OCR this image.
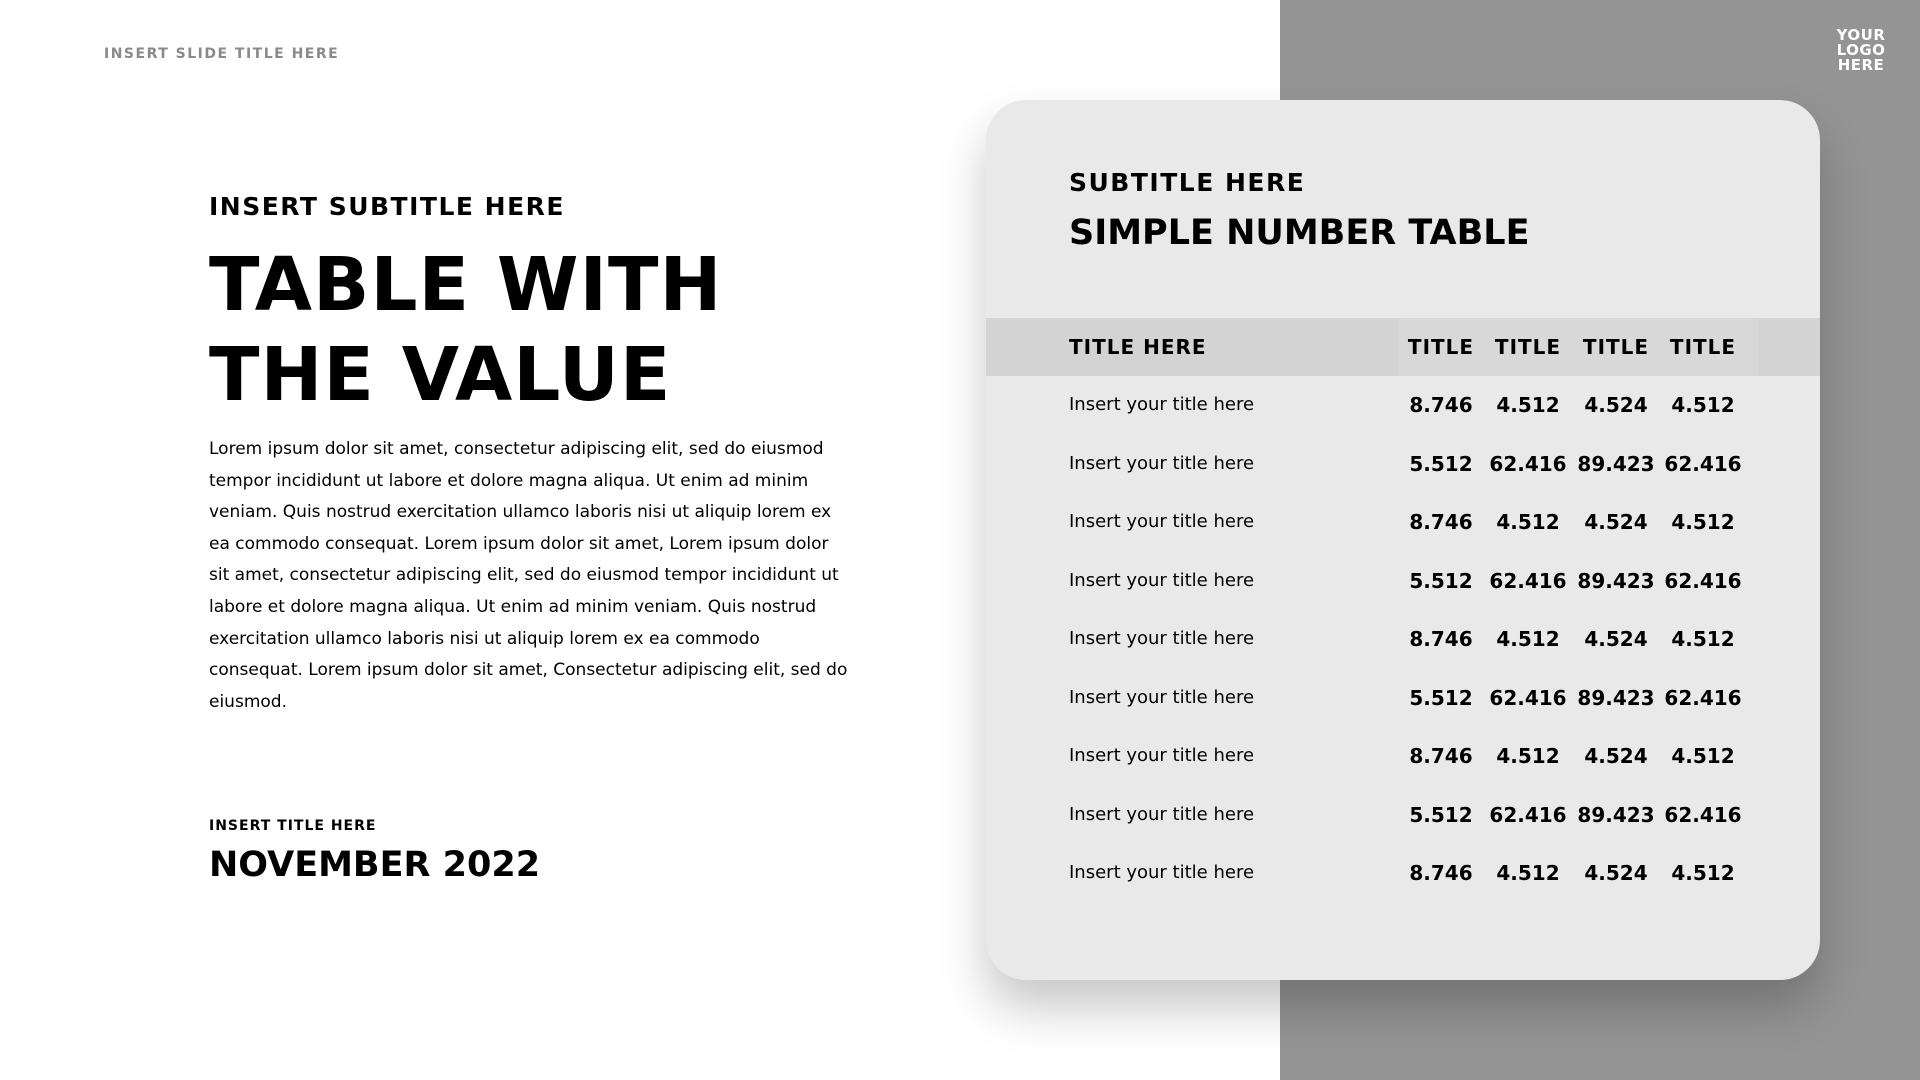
INSERT SLIDE TITLE HERE
YOUR
LOGO
HERE
INSERT SUBTITLE HERE
TABLE WITH
THE VALUE
Lorem ipsum dolor sit amet, consectetur adipiscing elit, sed do eiusmod tempor incididunt ut labore et dolore magna aliqua. Ut enim ad minim veniam. Quis nostrud exercitation ullamco laboris nisi ut aliquip lorem ex ea commodo consequat. Lorem ipsum dolor sit amet, Lorem ipsum dolor sit amet, consectetur adipiscing elit, sed do eiusmod tempor incididunt ut labore et dolore magna aliqua. Ut enim ad minim veniam. Quis nostrud exercitation ullamco laboris nisi ut aliquip lorem ex ea commodo consequat. Lorem ipsum dolor sit amet, Consectetur adipiscing elit, sed do eiusmod.
INSERT TITLE HERE
NOVEMBER 2022
SUBTITLE HERE
SIMPLE NUMBER TABLE
TITLE HERE	TITLE	TITLE	TITLE	TITLE
Insert your title here	8.746	4.512	4.524	4.512
Insert your title here	5.512 62.416 89.423 62.416
Insert your title here	8.746	4.512	4.524	4.512
Insert your title here	5.512 62.416 89.423 62.416
Insert your title here	8.746	4.512	4.524	4.512
Insert your title here	5.512 62.416 89.423 62.416
Insert your title here	8.746	4.512	4.524	4.512
Insert your title here	5.512 62.416 89.423 62.416
Insert your title here	8.746	4.512	4.524	4.512
